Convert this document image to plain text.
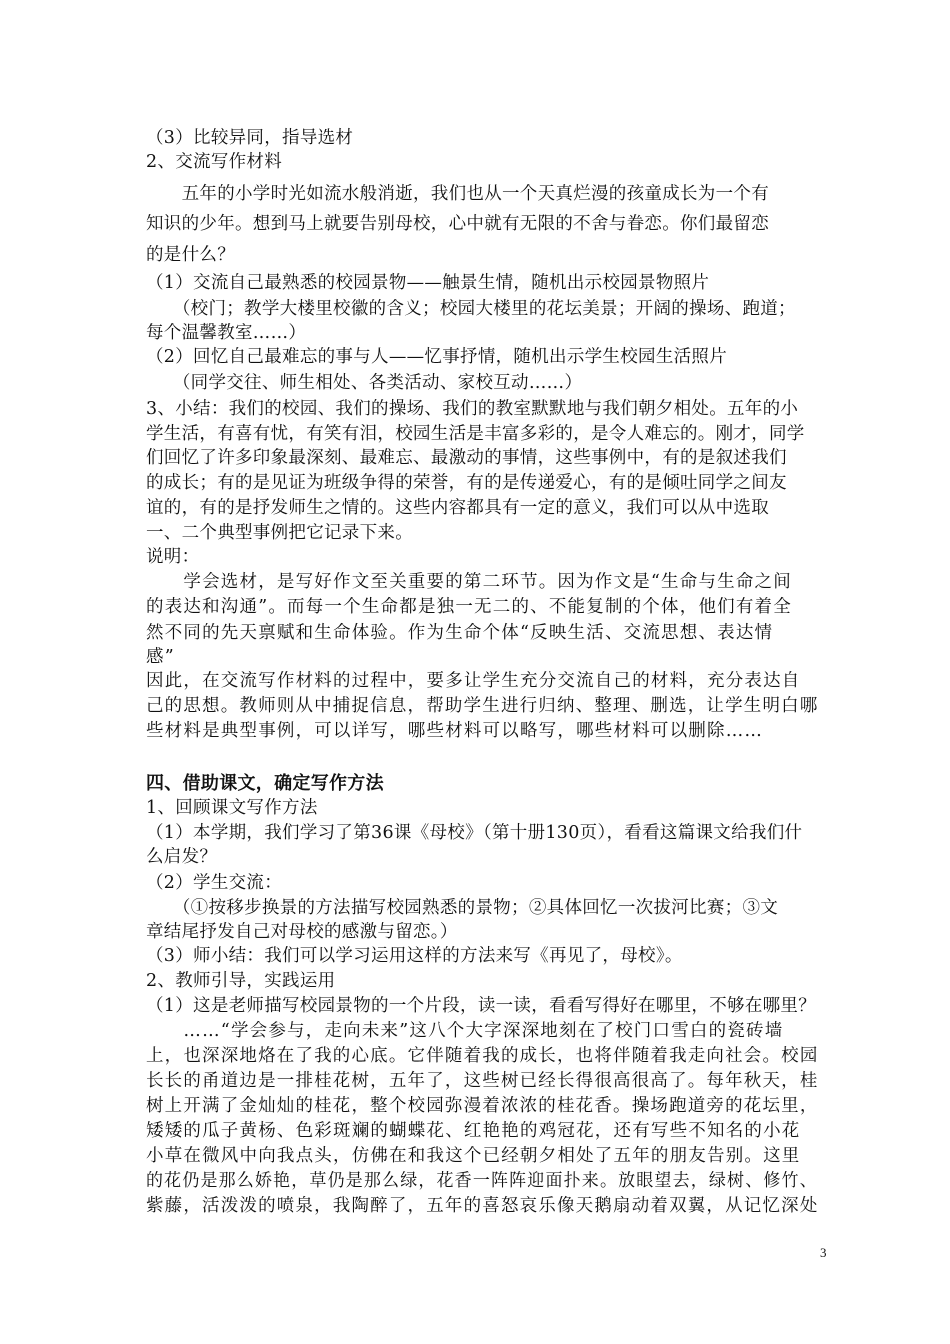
（3）比较异同，指导选材
2、交流写作材料
　　五年的小学时光如流水般消逝，我们也从一个天真烂漫的孩童成长为一个有
知识的少年。想到马上就要告别母校，心中就有无限的不舍与眷恋。你们最留恋
的是什么？
（1）交流自己最熟悉的校园景物——触景生情，随机出示校园景物照片
　　（校门；教学大楼里校徽的含义；校园大楼里的花坛美景；开阔的操场、跑道；
每个温馨教室……）
（2）回忆自己最难忘的事与人——忆事抒情，随机出示学生校园生活照片
　　（同学交往、师生相处、各类活动、家校互动……）
3、小结：我们的校园、我们的操场、我们的教室默默地与我们朝夕相处。五年的小
学生活，有喜有忧，有笑有泪，校园生活是丰富多彩的，是令人难忘的。刚才，同学
们回忆了许多印象最深刻、最难忘、最激动的事情，这些事例中，有的是叙述我们
的成长；有的是见证为班级争得的荣誉，有的是传递爱心，有的是倾吐同学之间友
谊的，有的是抒发师生之情的。这些内容都具有一定的意义，我们可以从中选取
一、二个典型事例把它记录下来。
说明：
　　学会选材，是写好作文至关重要的第二环节。因为作文是“生命与生命之间
的表达和沟通”。而每一个生命都是独一无二的、不能复制的个体，他们有着全
然不同的先天禀赋和生命体验。作为生命个体“反映生活、交流思想、表达情
感”
因此，在交流写作材料的过程中，要多让学生充分交流自己的材料，充分表达自
己的思想。教师则从中捕捉信息，帮助学生进行归纳、整理、删选，让学生明白哪
些材料是典型事例，可以详写，哪些材料可以略写，哪些材料可以删除……
四、借助课文，确定写作方法
1、回顾课文写作方法
（1）本学期，我们学习了第36课《母校》（第十册130页），看看这篇课文给我们什
么启发？
（2）学生交流：
　　（①按移步换景的方法描写校园熟悉的景物；②具体回忆一次拔河比赛；③文
章结尾抒发自己对母校的感激与留恋。）
（3）师小结：我们可以学习运用这样的方法来写《再见了，母校》。
2、教师引导，实践运用
（1）这是老师描写校园景物的一个片段，读一读，看看写得好在哪里，不够在哪里？
　　……“学会参与，走向未来”这八个大字深深地刻在了校门口雪白的瓷砖墙
上，也深深地烙在了我的心底。它伴随着我的成长，也将伴随着我走向社会。校园
长长的甬道边是一排桂花树，五年了，这些树已经长得很高很高了。每年秋天，桂
树上开满了金灿灿的桂花，整个校园弥漫着浓浓的桂花香。操场跑道旁的花坛里，
矮矮的瓜子黄杨、色彩斑斓的蝴蝶花、红艳艳的鸡冠花，还有写些不知名的小花
小草在微风中向我点头，仿佛在和我这个已经朝夕相处了五年的朋友告别。这里
的花仍是那么娇艳，草仍是那么绿，花香一阵阵迎面扑来。放眼望去，绿树、修竹、
紫藤，活泼泼的喷泉，我陶醉了，五年的喜怒哀乐像天鹅扇动着双翼，从记忆深处
3
